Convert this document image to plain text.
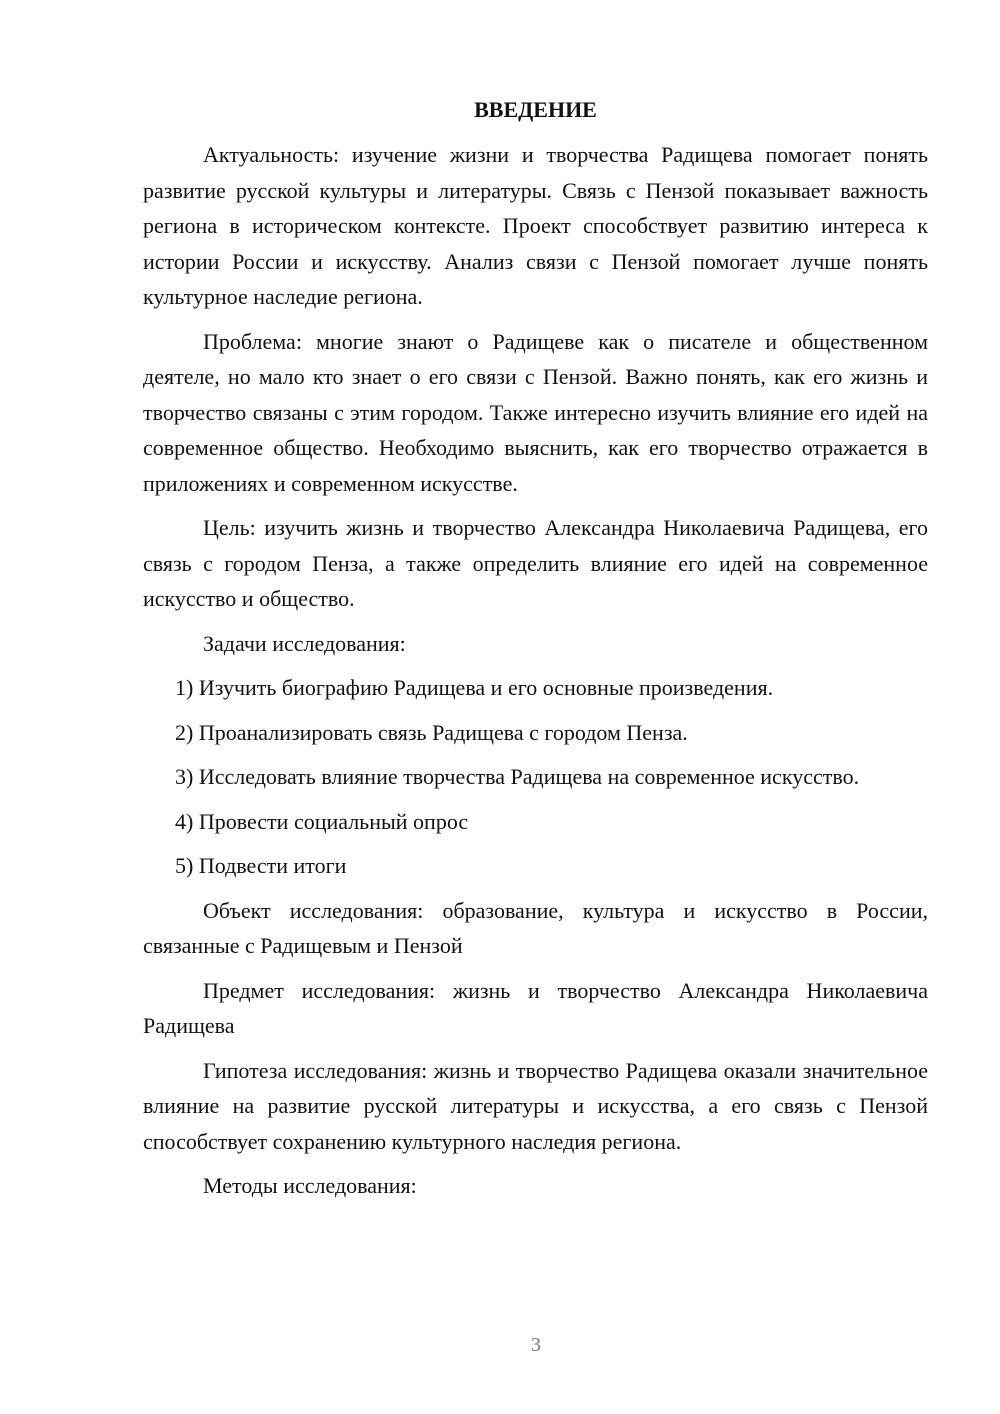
ВВЕДЕНИЕ

Актуальность: изучение жизни и творчества Радищева помогает понять развитие русской культуры и литературы. Связь с Пензой показывает важность региона в историческом контексте. Проект способствует развитию интереса к истории России и искусству. Анализ связи с Пензой помогает лучше понять культурное наследие региона.

Проблема: многие знают о Радищеве как о писателе и общественном деятеле, но мало кто знает о его связи с Пензой. Важно понять, как его жизнь и творчество связаны с этим городом. Также интересно изучить влияние его идей на современное общество. Необходимо выяснить, как его творчество отражается в приложениях и современном искусстве.

Цель: изучить жизнь и творчество Александра Николаевича Радищева, его связь с городом Пенза, а также определить влияние его идей на современное искусство и общество.

Задачи исследования:

1) Изучить биографию Радищева и его основные произведения.

2) Проанализировать связь Радищева с городом Пенза.

3) Исследовать влияние творчества Радищева на современное искусство.

4) Провести социальный опрос

5) Подвести итоги

Объект исследования: образование, культура и искусство в России, связанные с Радищевым и Пензой

Предмет исследования: жизнь и творчество Александра Николаевича Радищева

Гипотеза исследования: жизнь и творчество Радищева оказали значительное влияние на развитие русской литературы и искусства, а его связь с Пензой способствует сохранению культурного наследия региона.

Методы исследования:

3
